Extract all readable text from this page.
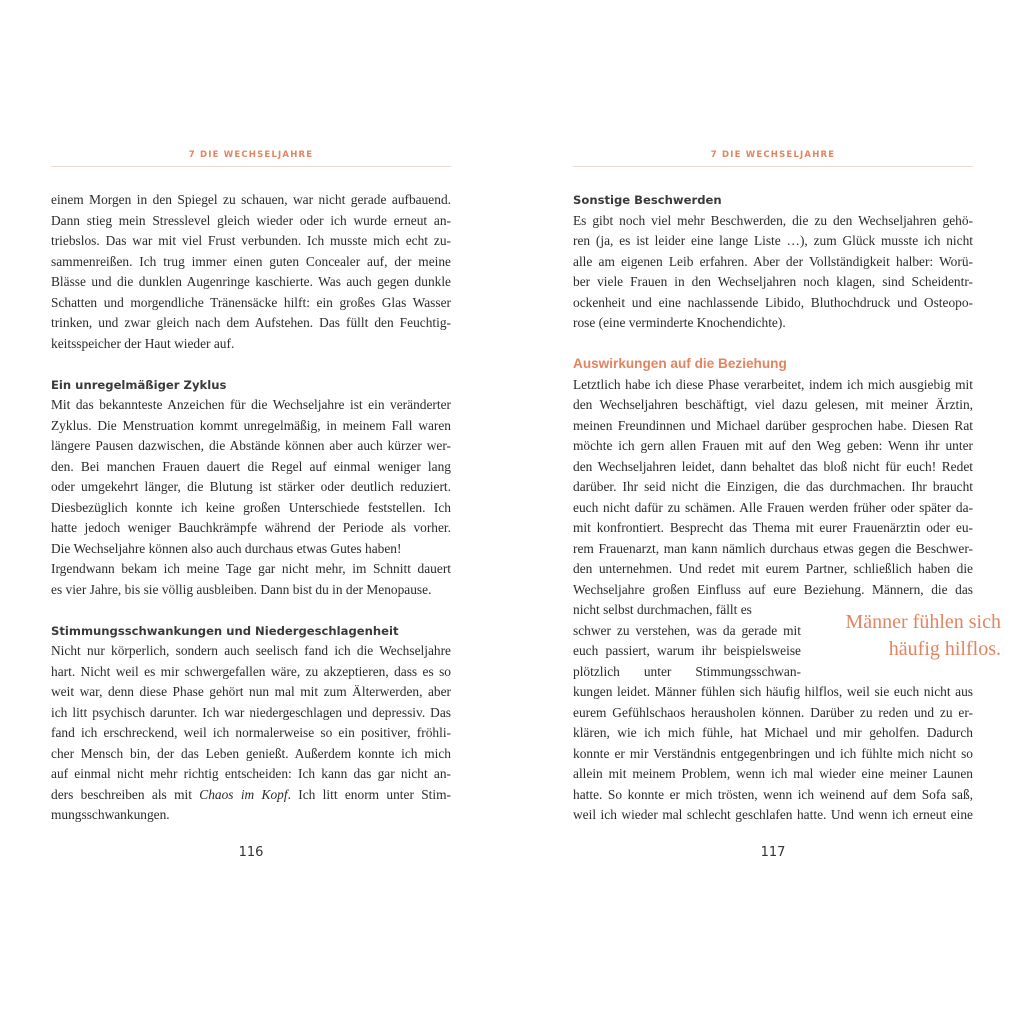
7 DIE WECHSELJAHRE
einem Morgen in den Spiegel zu schauen, war nicht gerade aufbauend.
Dann stieg mein Stresslevel gleich wieder oder ich wurde erneut an-
triebslos. Das war mit viel Frust verbunden. Ich musste mich echt zu-
sammenreißen. Ich trug immer einen guten Concealer auf, der meine
Blässe und die dunklen Augenringe kaschierte. Was auch gegen dunkle
Schatten und morgendliche Tränensäcke hilft: ein großes Glas Wasser
trinken, und zwar gleich nach dem Aufstehen. Das füllt den Feuchtig-
keitsspeicher der Haut wieder auf.
Ein unregelmäßiger Zyklus
Mit das bekannteste Anzeichen für die Wechseljahre ist ein veränderter
Zyklus. Die Menstruation kommt unregelmäßig, in meinem Fall waren
längere Pausen dazwischen, die Abstände können aber auch kürzer wer-
den. Bei manchen Frauen dauert die Regel auf einmal weniger lang
oder umgekehrt länger, die Blutung ist stärker oder deutlich reduziert.
Diesbezüglich konnte ich keine großen Unterschiede feststellen. Ich
hatte jedoch weniger Bauchkrämpfe während der Periode als vorher.
Die Wechseljahre können also auch durchaus etwas Gutes haben!
Irgendwann bekam ich meine Tage gar nicht mehr, im Schnitt dauert
es vier Jahre, bis sie völlig ausbleiben. Dann bist du in der Menopause.
Stimmungsschwankungen und Niedergeschlagenheit
Nicht nur körperlich, sondern auch seelisch fand ich die Wechseljahre
hart. Nicht weil es mir schwergefallen wäre, zu akzeptieren, dass es so
weit war, denn diese Phase gehört nun mal mit zum Älterwerden, aber
ich litt psychisch darunter. Ich war niedergeschlagen und depressiv. Das
fand ich erschreckend, weil ich normalerweise so ein positiver, fröhli-
cher Mensch bin, der das Leben genießt. Außerdem konnte ich mich
auf einmal nicht mehr richtig entscheiden: Ich kann das gar nicht an-
ders beschreiben als mit Chaos im Kopf. Ich litt enorm unter Stim-
mungsschwankungen.
116
7 DIE WECHSELJAHRE
Sonstige Beschwerden
Es gibt noch viel mehr Beschwerden, die zu den Wechseljahren gehö-
ren (ja, es ist leider eine lange Liste …), zum Glück musste ich nicht
alle am eigenen Leib erfahren. Aber der Vollständigkeit halber: Worü-
ber viele Frauen in den Wechseljahren noch klagen, sind Scheidentr-
ockenheit und eine nachlassende Libido, Bluthochdruck und Osteopo-
rose (eine verminderte Knochendichte).
Auswirkungen auf die Beziehung
Letztlich habe ich diese Phase verarbeitet, indem ich mich ausgiebig mit
den Wechseljahren beschäftigt, viel dazu gelesen, mit meiner Ärztin,
meinen Freundinnen und Michael darüber gesprochen habe. Diesen Rat
möchte ich gern allen Frauen mit auf den Weg geben: Wenn ihr unter
den Wechseljahren leidet, dann behaltet das bloß nicht für euch! Redet
darüber. Ihr seid nicht die Einzigen, die das durchmachen. Ihr braucht
euch nicht dafür zu schämen. Alle Frauen werden früher oder später da-
mit konfrontiert. Besprecht das Thema mit eurer Frauenärztin oder eu-
rem Frauenarzt, man kann nämlich durchaus etwas gegen die Beschwer-
den unternehmen. Und redet mit eurem Partner, schließlich haben die
Wechseljahre großen Einfluss auf eure Beziehung. Männern, die das
nicht selbst durchmachen, fällt es
schwer zu verstehen, was da gerade mit
euch passiert, warum ihr beispielsweise
plötzlich unter Stimmungsschwan-
kungen leidet. Männer fühlen sich häufig hilflos, weil sie euch nicht aus
eurem Gefühlschaos herausholen können. Darüber zu reden und zu er-
klären, wie ich mich fühle, hat Michael und mir geholfen. Dadurch
konnte er mir Verständnis entgegenbringen und ich fühlte mich nicht so
allein mit meinem Problem, wenn ich mal wieder eine meiner Launen
hatte. So konnte er mich trösten, wenn ich weinend auf dem Sofa saß,
weil ich wieder mal schlecht geschlafen hatte. Und wenn ich erneut eine
Männer fühlen sich
häufig hilflos.
117
